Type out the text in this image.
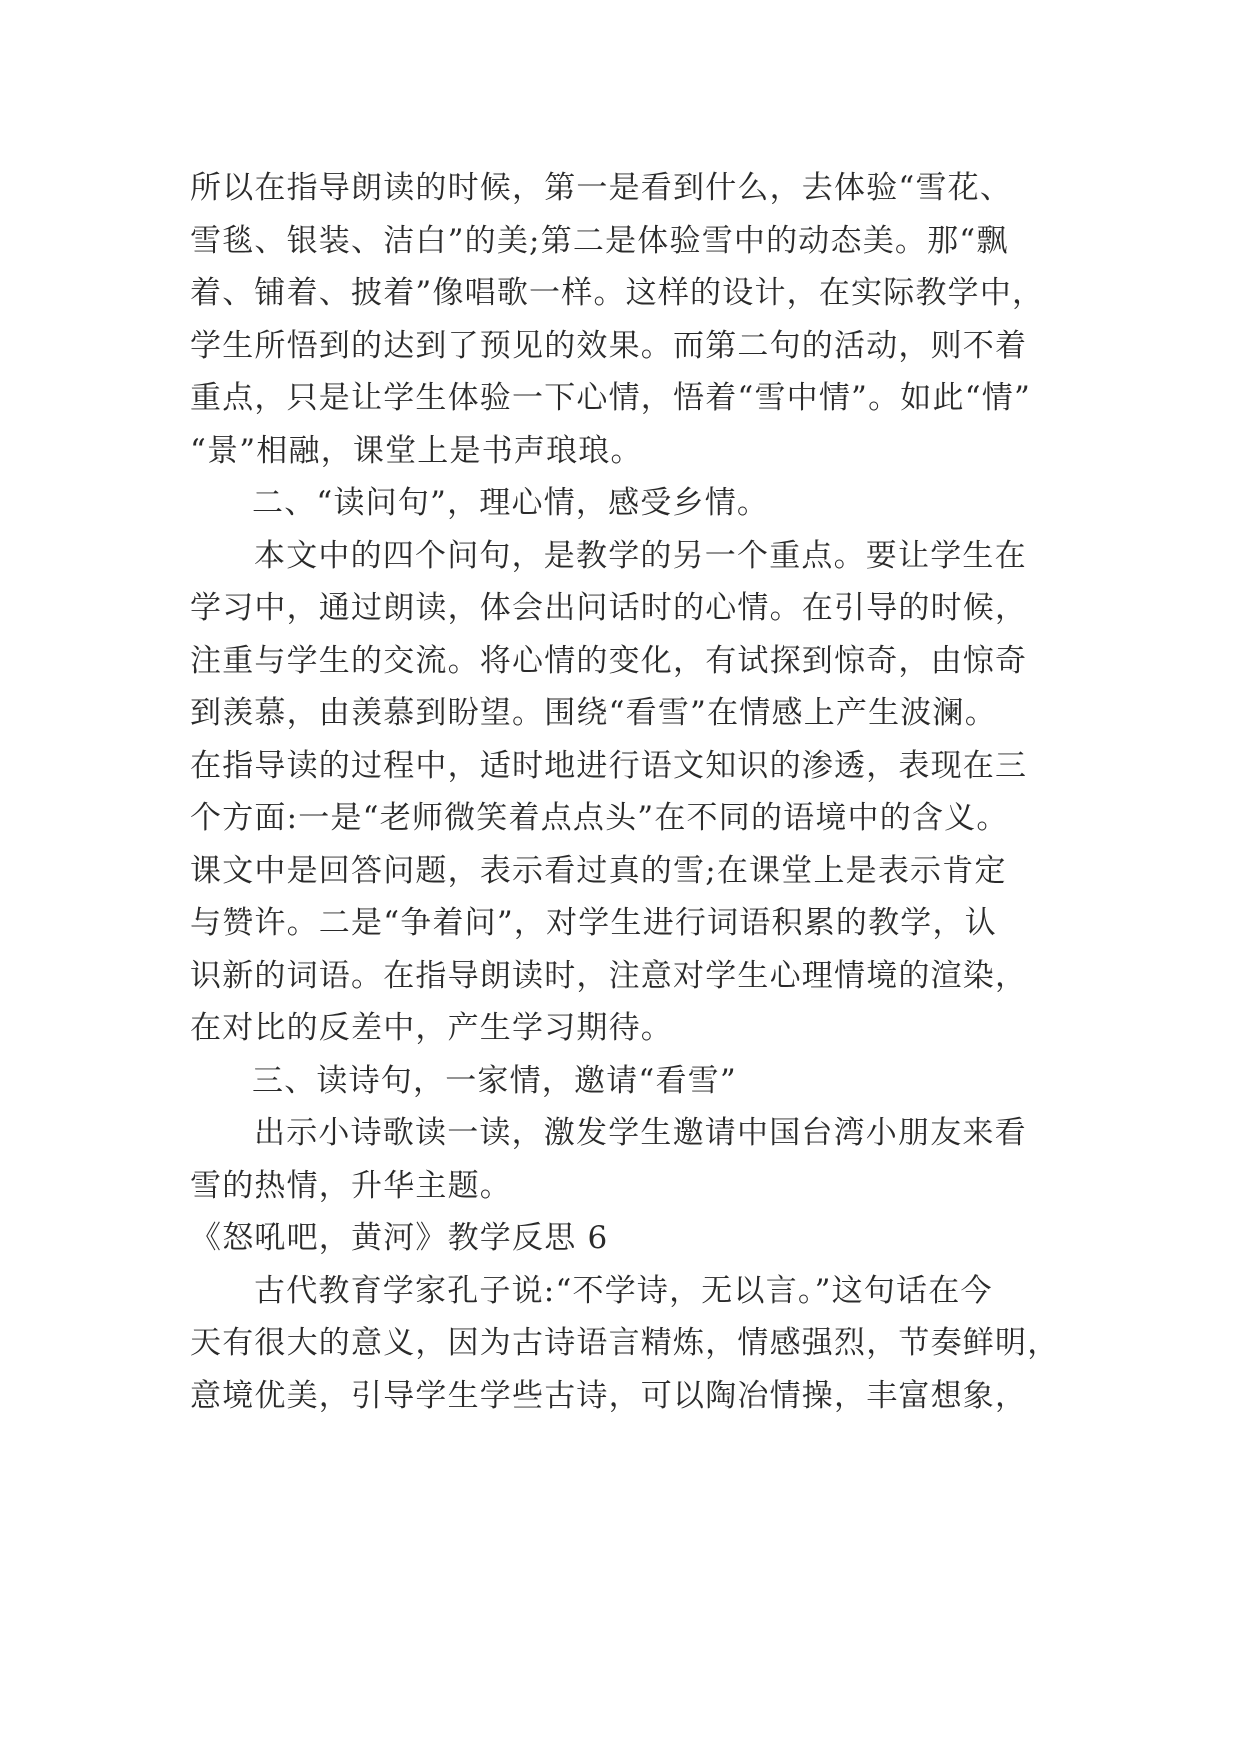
所以在指导朗读的时候，第一是看到什么，去体验“雪花、
雪毯、银装、洁白”的美;第二是体验雪中的动态美。那“飘
着、铺着、披着”像唱歌一样。这样的设计，在实际教学中，
学生所悟到的达到了预见的效果。而第二句的活动，则不着
重点，只是让学生体验一下心情，悟着“雪中情”。如此“情”
“景”相融，课堂上是书声琅琅。
二、“读问句”，理心情，感受乡情。
本文中的四个问句，是教学的另一个重点。要让学生在
学习中，通过朗读，体会出问话时的心情。在引导的时候，
注重与学生的交流。将心情的变化，有试探到惊奇，由惊奇
到羡慕，由羡慕到盼望。围绕“看雪”在情感上产生波澜。
在指导读的过程中，适时地进行语文知识的渗透，表现在三
个方面:一是“老师微笑着点点头”在不同的语境中的含义。
课文中是回答问题，表示看过真的雪;在课堂上是表示肯定
与赞许。二是“争着问”，对学生进行词语积累的教学，认
识新的词语。在指导朗读时，注意对学生心理情境的渲染，
在对比的反差中，产生学习期待。
三、读诗句，一家情，邀请“看雪”
出示小诗歌读一读，激发学生邀请中国台湾小朋友来看
雪的热情，升华主题。
《怒吼吧，黄河》教学反思 6
古代教育学家孔子说:“不学诗，无以言。”这句话在今
天有很大的意义，因为古诗语言精炼，情感强烈，节奏鲜明，
意境优美，引导学生学些古诗，可以陶冶情操，丰富想象，
